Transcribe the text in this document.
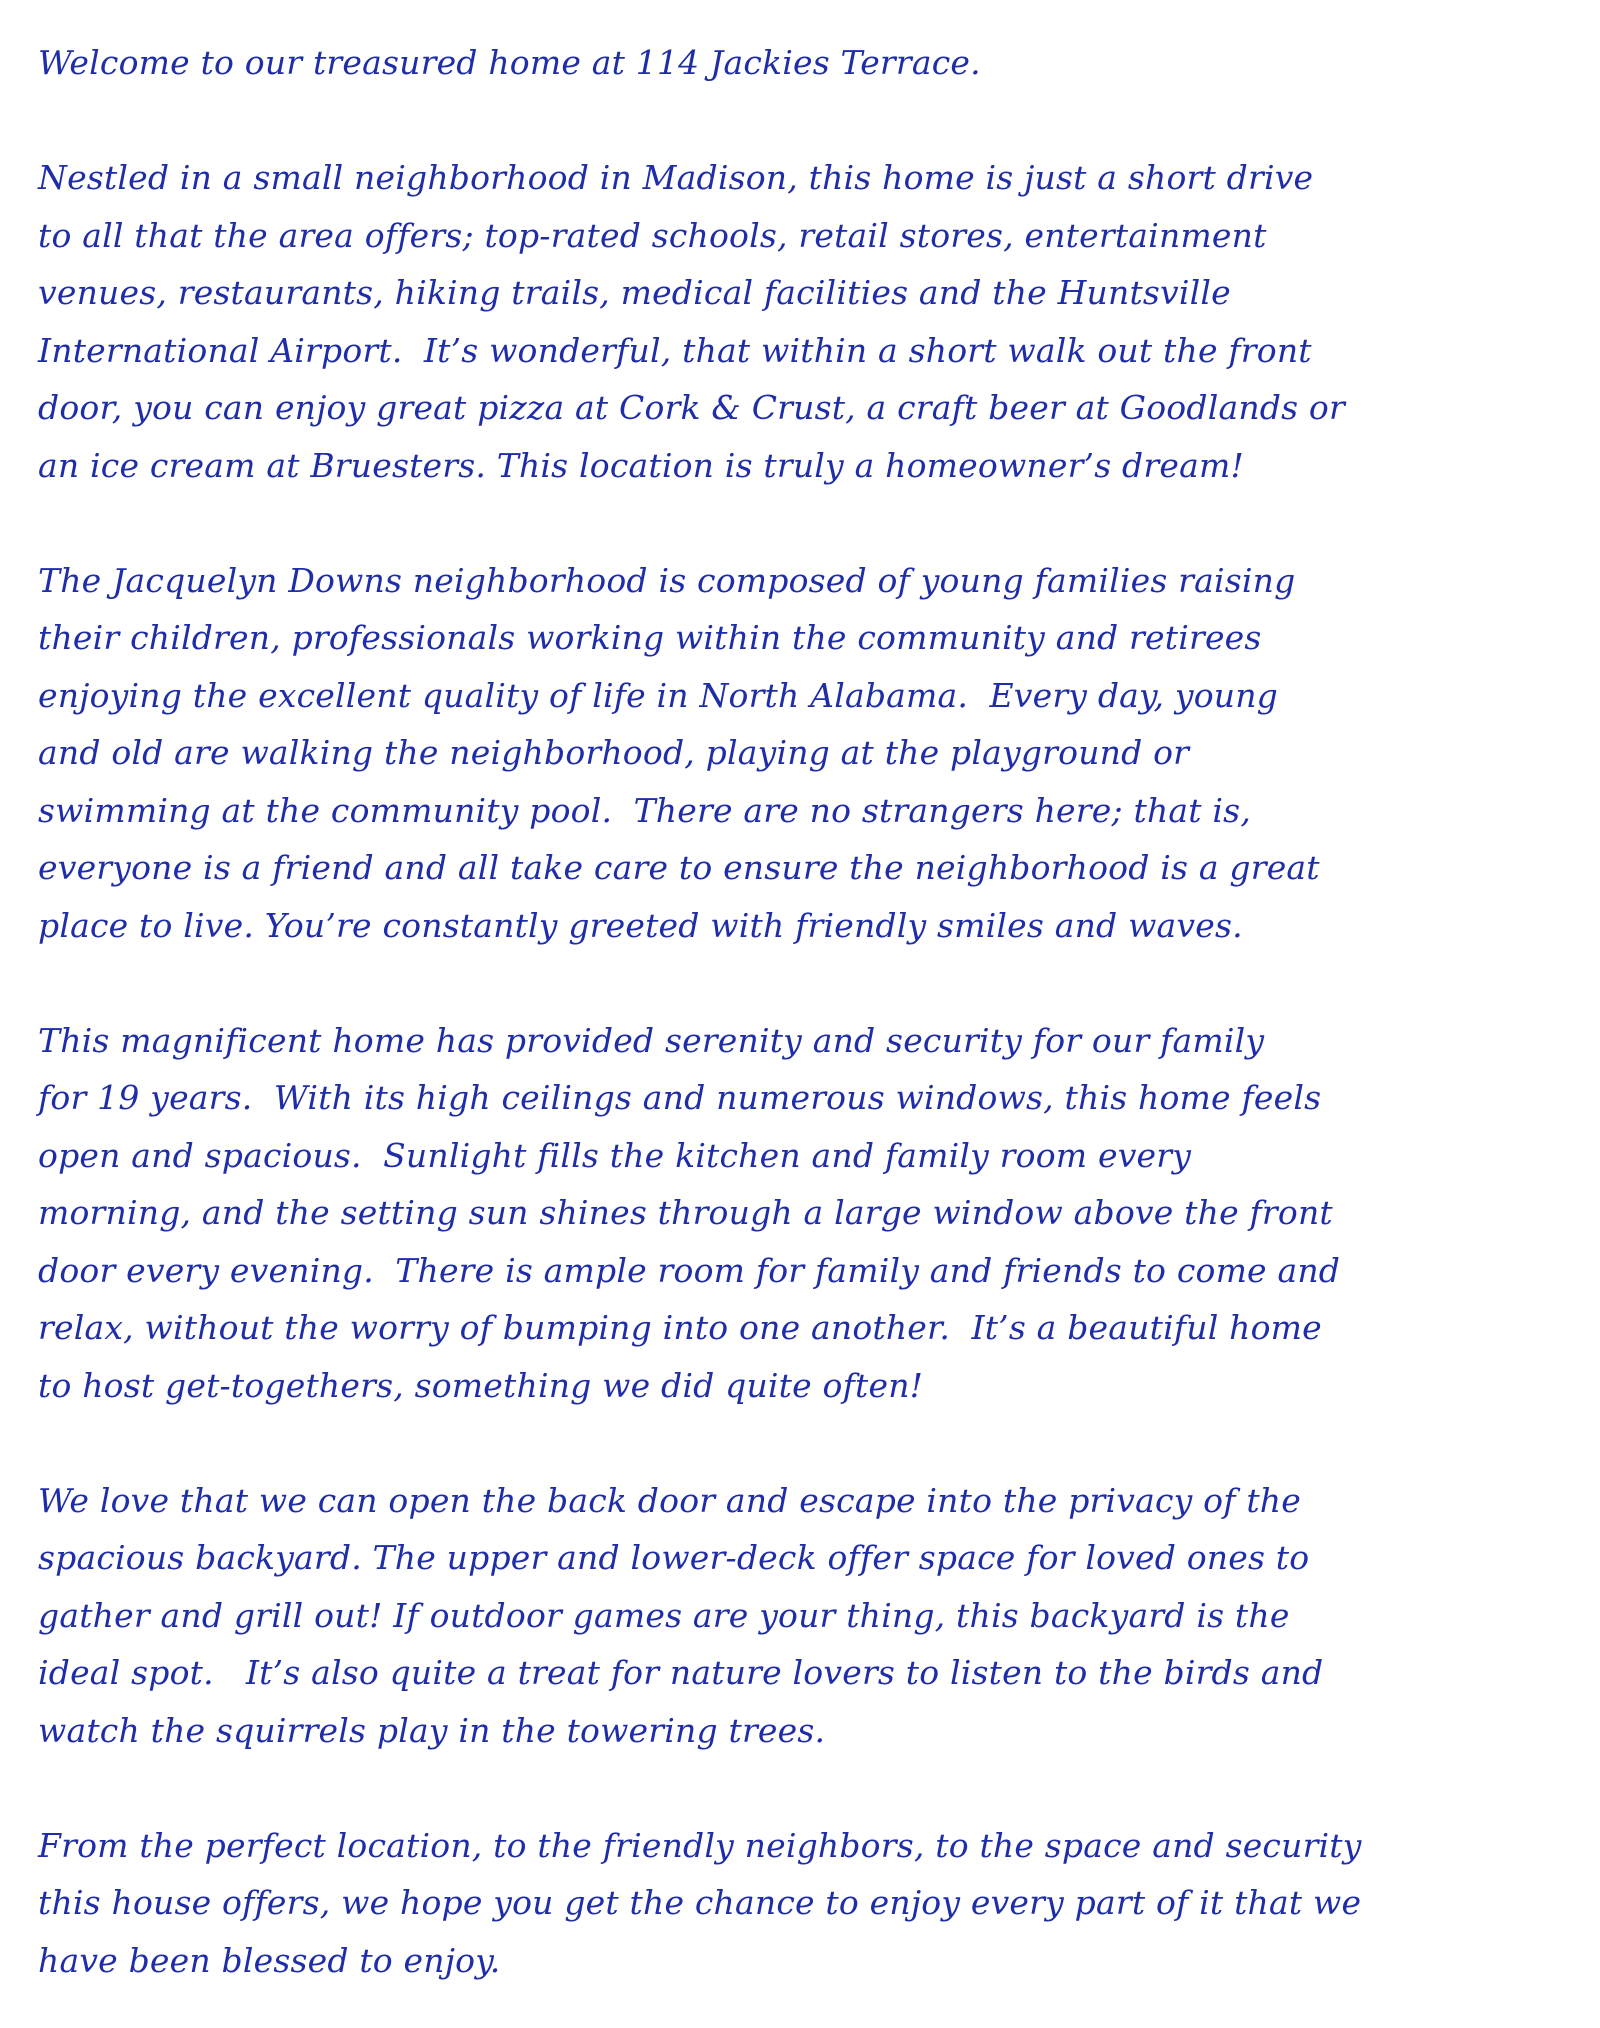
Welcome to our treasured home at 114 Jackies Terrace.
Nestled in a small neighborhood in Madison, this home is just a short drive
to all that the area offers; top-rated schools, retail stores, entertainment
venues, restaurants, hiking trails, medical facilities and the Huntsville
International Airport.  It’s wonderful, that within a short walk out the front
door, you can enjoy great pizza at Cork & Crust, a craft beer at Goodlands or
an ice cream at Bruesters. This location is truly a homeowner’s dream!
The Jacquelyn Downs neighborhood is composed of young families raising
their children, professionals working within the community and retirees
enjoying the excellent quality of life in North Alabama.  Every day, young
and old are walking the neighborhood, playing at the playground or
swimming at the community pool.  There are no strangers here; that is,
everyone is a friend and all take care to ensure the neighborhood is a great
place to live. You’re constantly greeted with friendly smiles and waves.
This magnificent home has provided serenity and security for our family
for 19 years.  With its high ceilings and numerous windows, this home feels
open and spacious.  Sunlight fills the kitchen and family room every
morning, and the setting sun shines through a large window above the front
door every evening.  There is ample room for family and friends to come and
relax, without the worry of bumping into one another.  It’s a beautiful home
to host get-togethers, something we did quite often!
We love that we can open the back door and escape into the privacy of the
spacious backyard. The upper and lower-deck offer space for loved ones to
gather and grill out! If outdoor games are your thing, this backyard is the
ideal spot.   It’s also quite a treat for nature lovers to listen to the birds and
watch the squirrels play in the towering trees.
From the perfect location, to the friendly neighbors, to the space and security
this house offers, we hope you get the chance to enjoy every part of it that we
have been blessed to enjoy.
